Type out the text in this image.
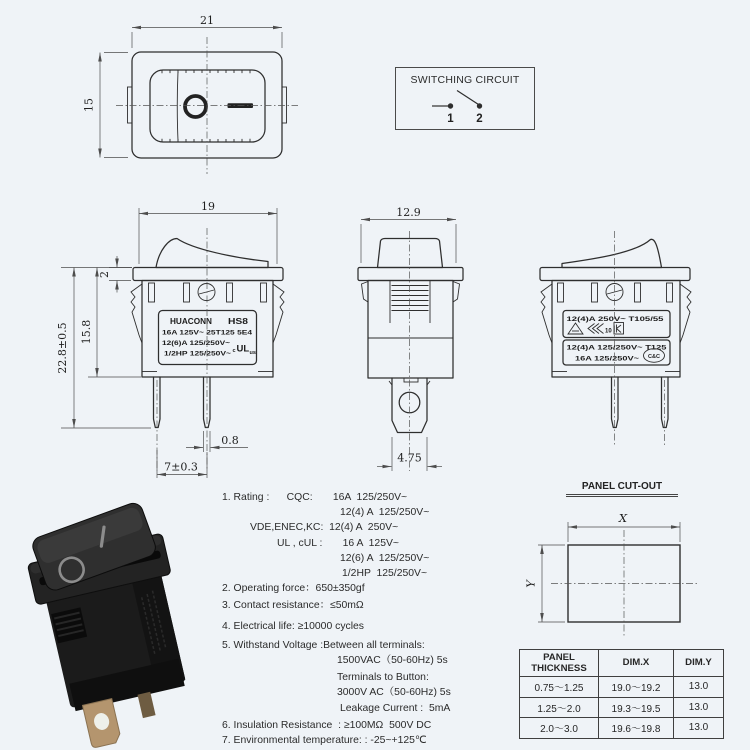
21
15
SWITCHING CIRCUIT
1 2
HUACONN HS8
16A 125V~ 25T125 5E4
12(6)A 125/250V~
1/2HP 125/250V~ c UL us
19
2
15.8
22.8±0.5
0.8
7±0.3
12.9
4.75
12(4)A 250V~ T105/55
10
12(4)A 125/250V~ T125
16A 125/250V~ C&C
1. Rating :      CQC:       16A  125/250V~
12(4) A  125/250V~
VDE,ENEC,KC:  12(4) A  250V~
UL , cUL :       16 A  125V~
12(6) A  125/250V~
1/2HP  125/250V~
2. Operating force：650±350gf
3. Contact resistance：≤50mΩ
4. Electrical life: ≥10000 cycles
5. Withstand Voltage :Between all terminals:
1500VAC（50-60Hz) 5s
Terminals to Button:
3000V AC（50-60Hz) 5s
Leakage Current :  5mA
6. Insulation Resistance  : ≥100MΩ  500V DC
7. Environmental temperature: : -25~+125℃
PANEL CUT-OUT
X
Y
PANEL THICKNESS	DIM.X	DIM.Y
0.75～1.25	19.0～19.2	13.0
1.25～2.0	19.3～19.5	13.0
2.0～3.0	19.6～19.8	13.0
